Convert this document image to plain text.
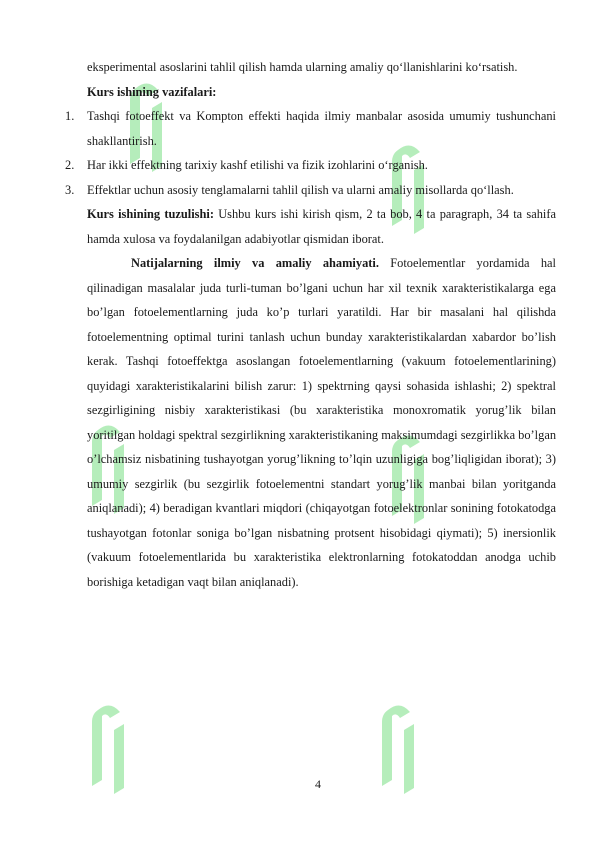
eksperimental asoslarini tahlil qilish hamda ularning amaliy qo‘llanishlarini ko‘rsatish.

Kurs ishining vazifalari:

1. Tashqi fotoeffekt va Kompton effekti haqida ilmiy manbalar asosida umumiy tushunchani shakllantirish.

2. Har ikki effektning tarixiy kashf etilishi va fizik izohlarini o‘rganish.

3. Effektlar uchun asosiy tenglamalarni tahlil qilish va ularni amaliy misollarda qo‘llash.

Kurs ishining tuzulishi: Ushbu kurs ishi kirish qism, 2 ta bob, 4 ta paragraph, 34 ta sahifa hamda xulosa va foydalanilgan adabiyotlar qismidan iborat.

Natijalarning ilmiy va amaliy ahamiyati. Fotoelementlar yordamida hal qilinadigan masalalar juda turli-tuman bo’lgani uchun har xil texnik xarakteristikalarga ega bo’lgan fotoelementlarning juda ko’p turlari yaratildi. Har bir masalani hal qilishda fotoelementning optimal turini tanlash uchun bunday xarakteristikalardan xabardor bo’lish kerak. Tashqi fotoeffektga asoslangan fotoelementlarning (vakuum fotoelementlarining) quyidagi xarakteristikalarini bilish zarur: 1) spektrning qaysi sohasida ishlashi; 2) spektral sezgirligining nisbiy xarakteristikasi (bu xarakteristika monoxromatik yorug’lik bilan yoritilgan holdagi spektral sezgirlikning xarakteristikaning maksimumdagi sezgirlikka bo’lgan o’lchamsiz nisbatining tushayotgan yorug’likning to’lqin uzunligiga bog’liqligidan iborat); 3) umumiy sezgirlik (bu sezgirlik fotoelementni standart yorug’lik manbai bilan yoritganda aniqlanadi); 4) beradigan kvantlari miqdori (chiqayotgan fotoelektronlar sonining fotokatodga tushayotgan fotonlar soniga bo’lgan nisbatning protsent hisobidagi qiymati); 5) inersionlik (vakuum fotoelementlarida bu xarakteristika elektronlarning fotokatoddan anodga uchib borishiga ketadigan vaqt bilan aniqlanadi).

4
